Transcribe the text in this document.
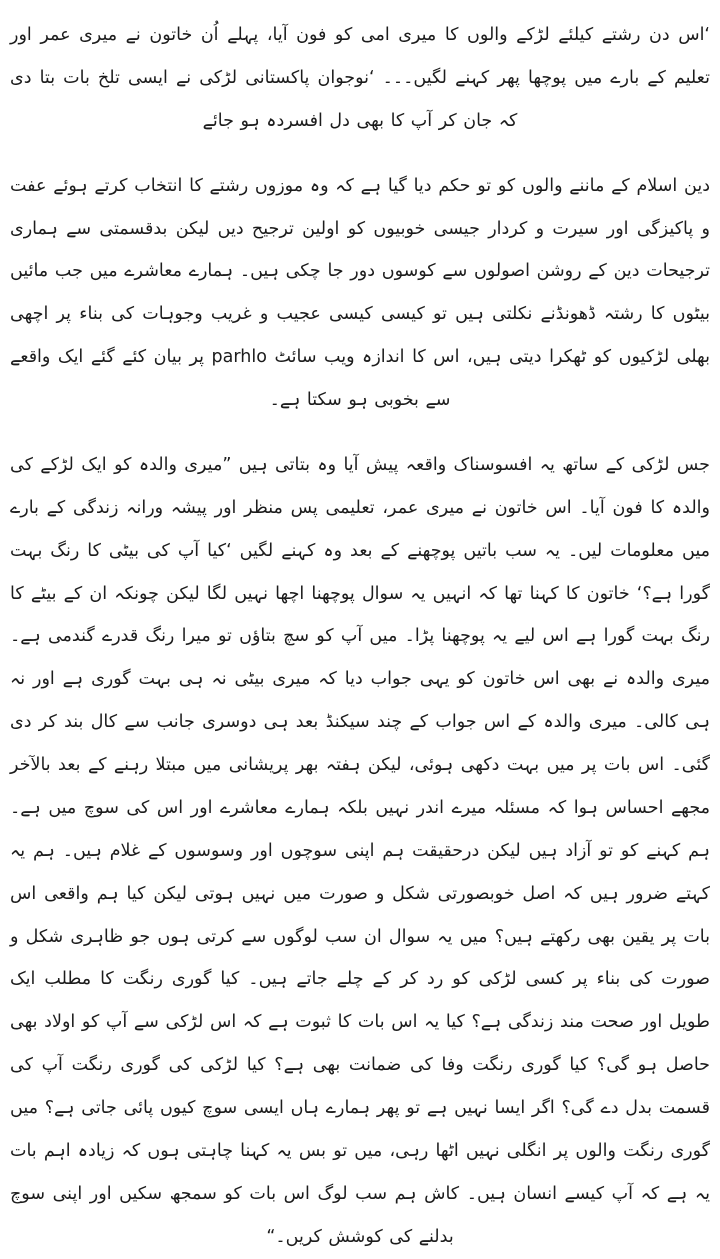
‘اس دن رشتے کیلئے لڑکے والوں کا میری امی کو فون آیا، پہلے اُن خاتون نے میری عمر اور تعلیم کے بارے میں پوچھا پھر کہنے لگیں۔۔۔ ‘نوجوان پاکستانی لڑکی نے ایسی تلخ بات بتا دی کہ جان کر آپ کا بھی دل افسردہ ہو جائے

دین اسلام کے ماننے والوں کو تو حکم دیا گیا ہے کہ وہ موزوں رشتے کا انتخاب کرتے ہوئے عفت و پاکیزگی اور سیرت و کردار جیسی خوبیوں کو اولین ترجیح دیں لیکن بدقسمتی سے ہماری ترجیحات دین کے روشن اصولوں سے کوسوں دور جا چکی ہیں۔ ہمارے معاشرے میں جب مائیں بیٹوں کا رشتہ ڈھونڈنے نکلتی ہیں تو کیسی کیسی عجیب و غریب وجوہات کی بناء پر اچھی بھلی لڑکیوں کو ٹھکرا دیتی ہیں، اس کا اندازہ ویب سائٹ parhlo پر بیان کئے گئے ایک واقعے سے بخوبی ہو سکتا ہے۔

جس لڑکی کے ساتھ یہ افسوسناک واقعہ پیش آیا وہ بتاتی ہیں ”میری والدہ کو ایک لڑکے کی والدہ کا فون آیا۔ اس خاتون نے میری عمر، تعلیمی پس منظر اور پیشہ ورانہ زندگی کے بارے میں معلومات لیں۔ یہ سب باتیں پوچھنے کے بعد وہ کہنے لگیں ‘کیا آپ کی بیٹی کا رنگ بہت گورا ہے؟‘ خاتون کا کہنا تھا کہ انہیں یہ سوال پوچھنا اچھا نہیں لگا لیکن چونکہ ان کے بیٹے کا رنگ بہت گورا ہے اس لیے یہ پوچھنا پڑا۔ میں آپ کو سچ بتاؤں تو میرا رنگ قدرے گندمی ہے۔ میری والدہ نے بھی اس خاتون کو یہی جواب دیا کہ میری بیٹی نہ ہی بہت گوری ہے اور نہ ہی کالی۔ میری والدہ کے اس جواب کے چند سیکنڈ بعد ہی دوسری جانب سے کال بند کر دی گئی۔ اس بات پر میں بہت دکھی ہوئی، لیکن ہفتہ بھر پریشانی میں مبتلا رہنے کے بعد بالآخر مجھے احساس ہوا کہ مسئلہ میرے اندر نہیں بلکہ ہمارے معاشرے اور اس کی سوچ میں ہے۔ ہم کہنے کو تو آزاد ہیں لیکن درحقیقت ہم اپنی سوچوں اور وسوسوں کے غلام ہیں۔ ہم یہ کہتے ضرور ہیں کہ اصل خوبصورتی شکل و صورت میں نہیں ہوتی لیکن کیا ہم واقعی اس بات پر یقین بھی رکھتے ہیں؟ میں یہ سوال ان سب لوگوں سے کرتی ہوں جو ظاہری شکل و صورت کی بناء پر کسی لڑکی کو رد کر کے چلے جاتے ہیں۔ کیا گوری رنگت کا مطلب ایک طویل اور صحت مند زندگی ہے؟ کیا یہ اس بات کا ثبوت ہے کہ اس لڑکی سے آپ کو اولاد بھی حاصل ہو گی؟ کیا گوری رنگت وفا کی ضمانت بھی ہے؟ کیا لڑکی کی گوری رنگت آپ کی قسمت بدل دے گی؟ اگر ایسا نہیں ہے تو پھر ہمارے ہاں ایسی سوچ کیوں پائی جاتی ہے؟ میں گوری رنگت والوں پر انگلی نہیں اٹھا رہی، میں تو بس یہ کہنا چاہتی ہوں کہ زیادہ اہم بات یہ ہے کہ آپ کیسے انسان ہیں۔ کاش ہم سب لوگ اس بات کو سمجھ سکیں اور اپنی سوچ بدلنے کی کوشش کریں۔“
